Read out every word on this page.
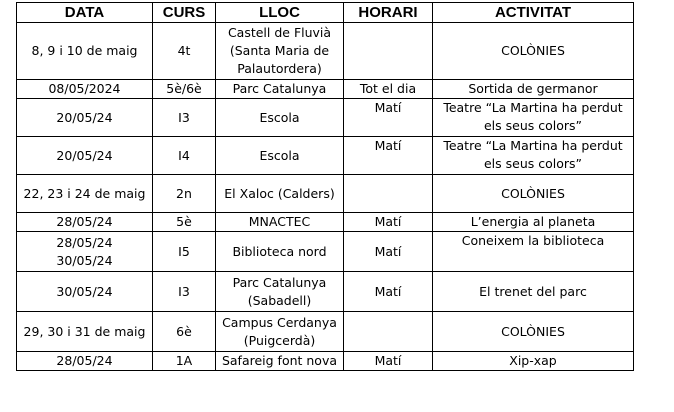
DATA	CURS	LLOC	HORARI	ACTIVITAT
8, 9 i 10 de maig	4t	Castell de Fluvià (Santa Maria de Palautordera)		COLÒNIES
08/05/2024	5è/6è	Parc Catalunya	Tot el dia	Sortida de germanor
20/05/24	I3	Escola	Matí	Teatre “La Martina ha perdut els seus colors”
20/05/24	I4	Escola	Matí	Teatre “La Martina ha perdut els seus colors”
22, 23 i 24 de maig	2n	El Xaloc (Calders)		COLÒNIES
28/05/24	5è	MNACTEC	Matí	L’energia al planeta
28/05/24 30/05/24	I5	Biblioteca nord	Matí	Coneixem la biblioteca
30/05/24	I3	Parc Catalunya (Sabadell)	Matí	El trenet del parc
29, 30 i 31 de maig	6è	Campus Cerdanya (Puigcerdà)		COLÒNIES
28/05/24	1A	Safareig font nova	Matí	Xip-xap
